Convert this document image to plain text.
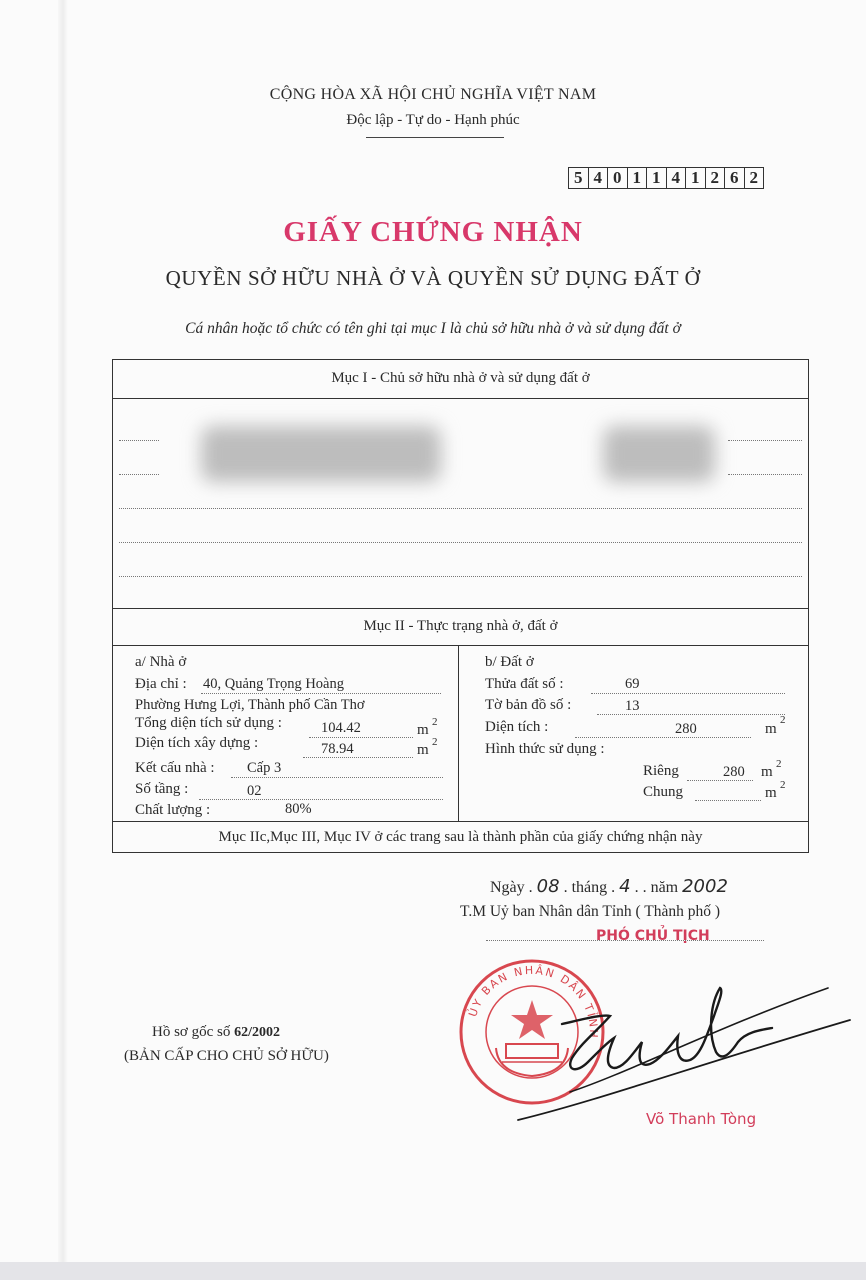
CỘNG HÒA XÃ HỘI CHỦ NGHĨA VIỆT NAM
Độc lập - Tự do - Hạnh phúc
5 4 0 1 1 4 1 2 6 2
GIẤY CHỨNG NHẬN
QUYỀN SỞ HỮU NHÀ Ở VÀ QUYỀN SỬ DỤNG ĐẤT Ở
Cá nhân hoặc tổ chức có tên ghi tại mục I là chủ sở hữu nhà ở và sử dụng đất ở
Mục I - Chủ sở hữu nhà ở và sử dụng đất ở
Mục II - Thực trạng nhà ở, đất ở
a/ Nhà ở
Địa chỉ : 40, Quảng Trọng Hoàng
Phường Hưng Lợi, Thành phố Cần Thơ
Tổng diện tích sử dụng :	104.42	m 2
Diện tích xây dựng :	78.94	m 2
Kết cấu nhà : Cấp 3
Số tầng :	02
Chất lượng :	80%
b/ Đất ở
Thửa đất số :	69
Tờ bản đồ số :	13
Diện tích :	280	m
2
Hình thức sử dụng :
Riêng	280 m 2
Chung	m 2
Mục IIc,Mục III, Mục IV ở các trang sau là thành phần của giấy chứng nhận này
Ngày . 08 . tháng . 4 . . năm 2002
T.M Uỷ ban Nhân dân Tỉnh ( Thành phố )
PHÓ CHỦ TỊCH
ỦY BAN NHÂN DÂN TỈNH
Võ Thanh Tòng
Hồ sơ gốc số 62/2002
(BẢN CẤP CHO CHỦ SỞ HỮU)
